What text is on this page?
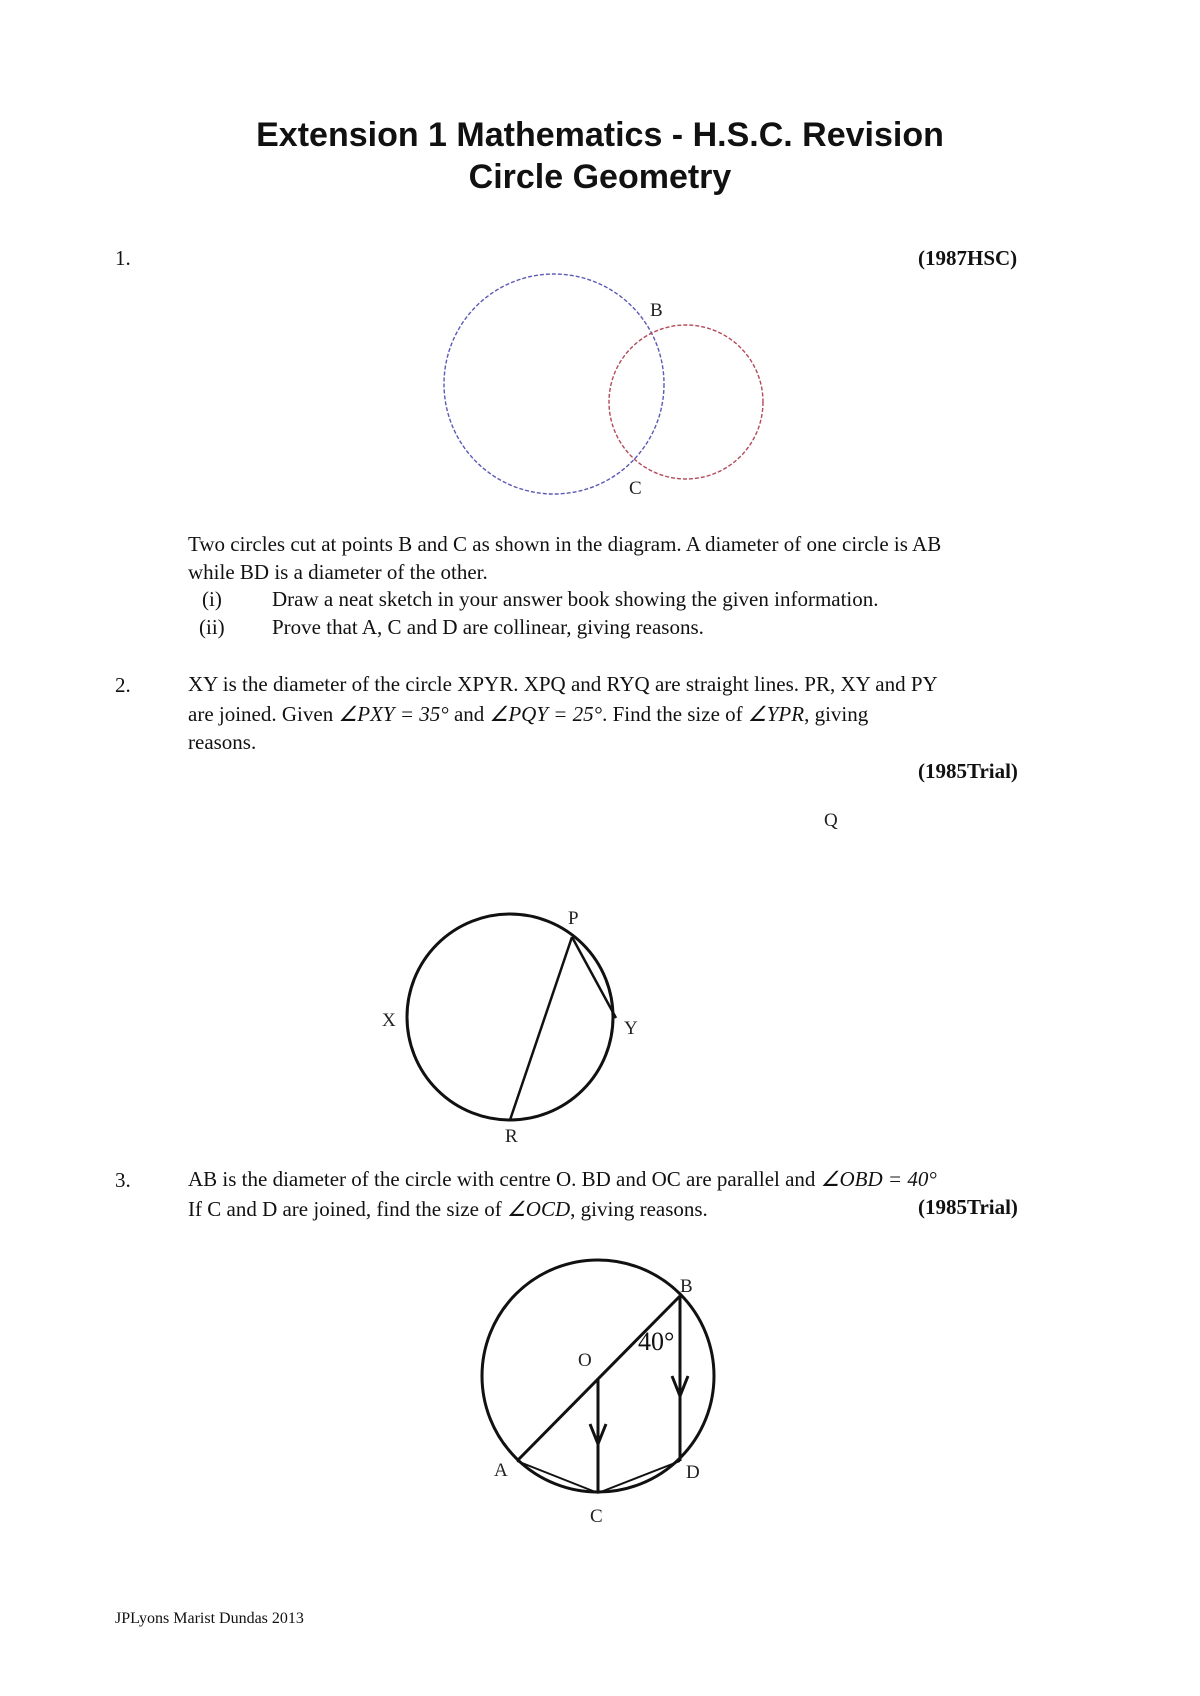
Extension 1 Mathematics - H.S.C. Revision
Circle Geometry
1.	(1987HSC)
B
C
Q
P
X	Y
R
B
O
A	D
C
40°
Two circles cut at points B and C as shown in the diagram. A diameter of one circle is AB
while BD is a diameter of the other.
(i) Draw a neat sketch in your answer book showing the given information.
(ii) Prove that A, C and D are collinear, giving reasons.
2.	XY is the diameter of the circle XPYR. XPQ and RYQ are straight lines. PR, XY and PY
are joined. Given ∠PXY = 35° and ∠PQY = 25°. Find the size of ∠YPR, giving
reasons.
(1985Trial)
3.	AB is the diameter of the circle with centre O. BD and OC are parallel and ∠OBD = 40°
If C and D are joined, find the size of ∠OCD, giving reasons.	(1985Trial)
JPLyons Marist Dundas 2013
